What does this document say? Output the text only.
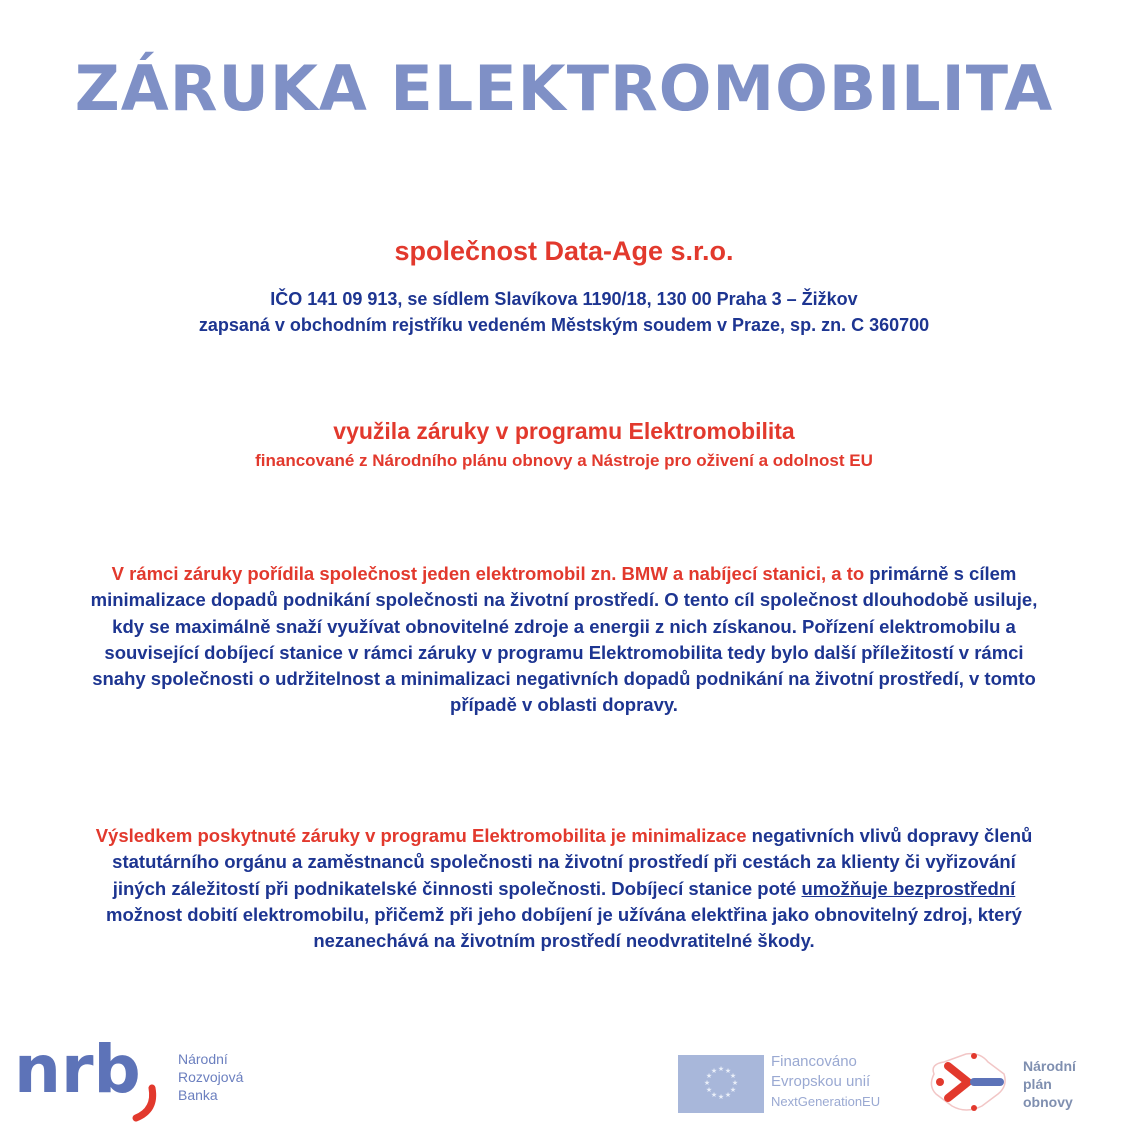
ZÁRUKA ELEKTROMOBILITA
společnost Data-Age s.r.o.
IČO 141 09 913, se sídlem Slavíkova 1190/18, 130 00 Praha 3 – Žižkov
zapsaná v obchodním rejstříku vedeném Městským soudem v Praze, sp. zn. C 360700
využila záruky v programu Elektromobilita
financované z Národního plánu obnovy a Nástroje pro oživení a odolnost EU
V rámci záruky pořídila společnost jeden elektromobil zn. BMW a nabíjecí stanici, a to primárně s cílem minimalizace dopadů podnikání společnosti na životní prostředí. O tento cíl společnost dlouhodobě usiluje, kdy se maximálně snaží využívat obnovitelné zdroje a energii z nich získanou. Pořízení elektromobilu a související dobíjecí stanice v rámci záruky v programu Elektromobilita tedy bylo další příležitostí v rámci snahy společnosti o udržitelnost a minimalizaci negativních dopadů podnikání na životní prostředí, v tomto případě v oblasti dopravy.
Výsledkem poskytnuté záruky v programu Elektromobilita je minimalizace negativních vlivů dopravy členů statutárního orgánu a zaměstnanců společnosti na životní prostředí při cestách za klienty či vyřizování jiných záležitostí při podnikatelské činnosti společnosti. Dobíjecí stanice poté umožňuje bezprostřední možnost dobití elektromobilu, přičemž při jeho dobíjení je užívána elektřina jako obnovitelný zdroj, který nezanechává na životním prostředí neodvratitelné škody.
nrb	Národní
Rozvojová
Banka
★ ★
★
★
★
★
★
★
★
★
★
★
Financováno
Evropskou unií
NextGenerationEU
Národní
plán
obnovy
